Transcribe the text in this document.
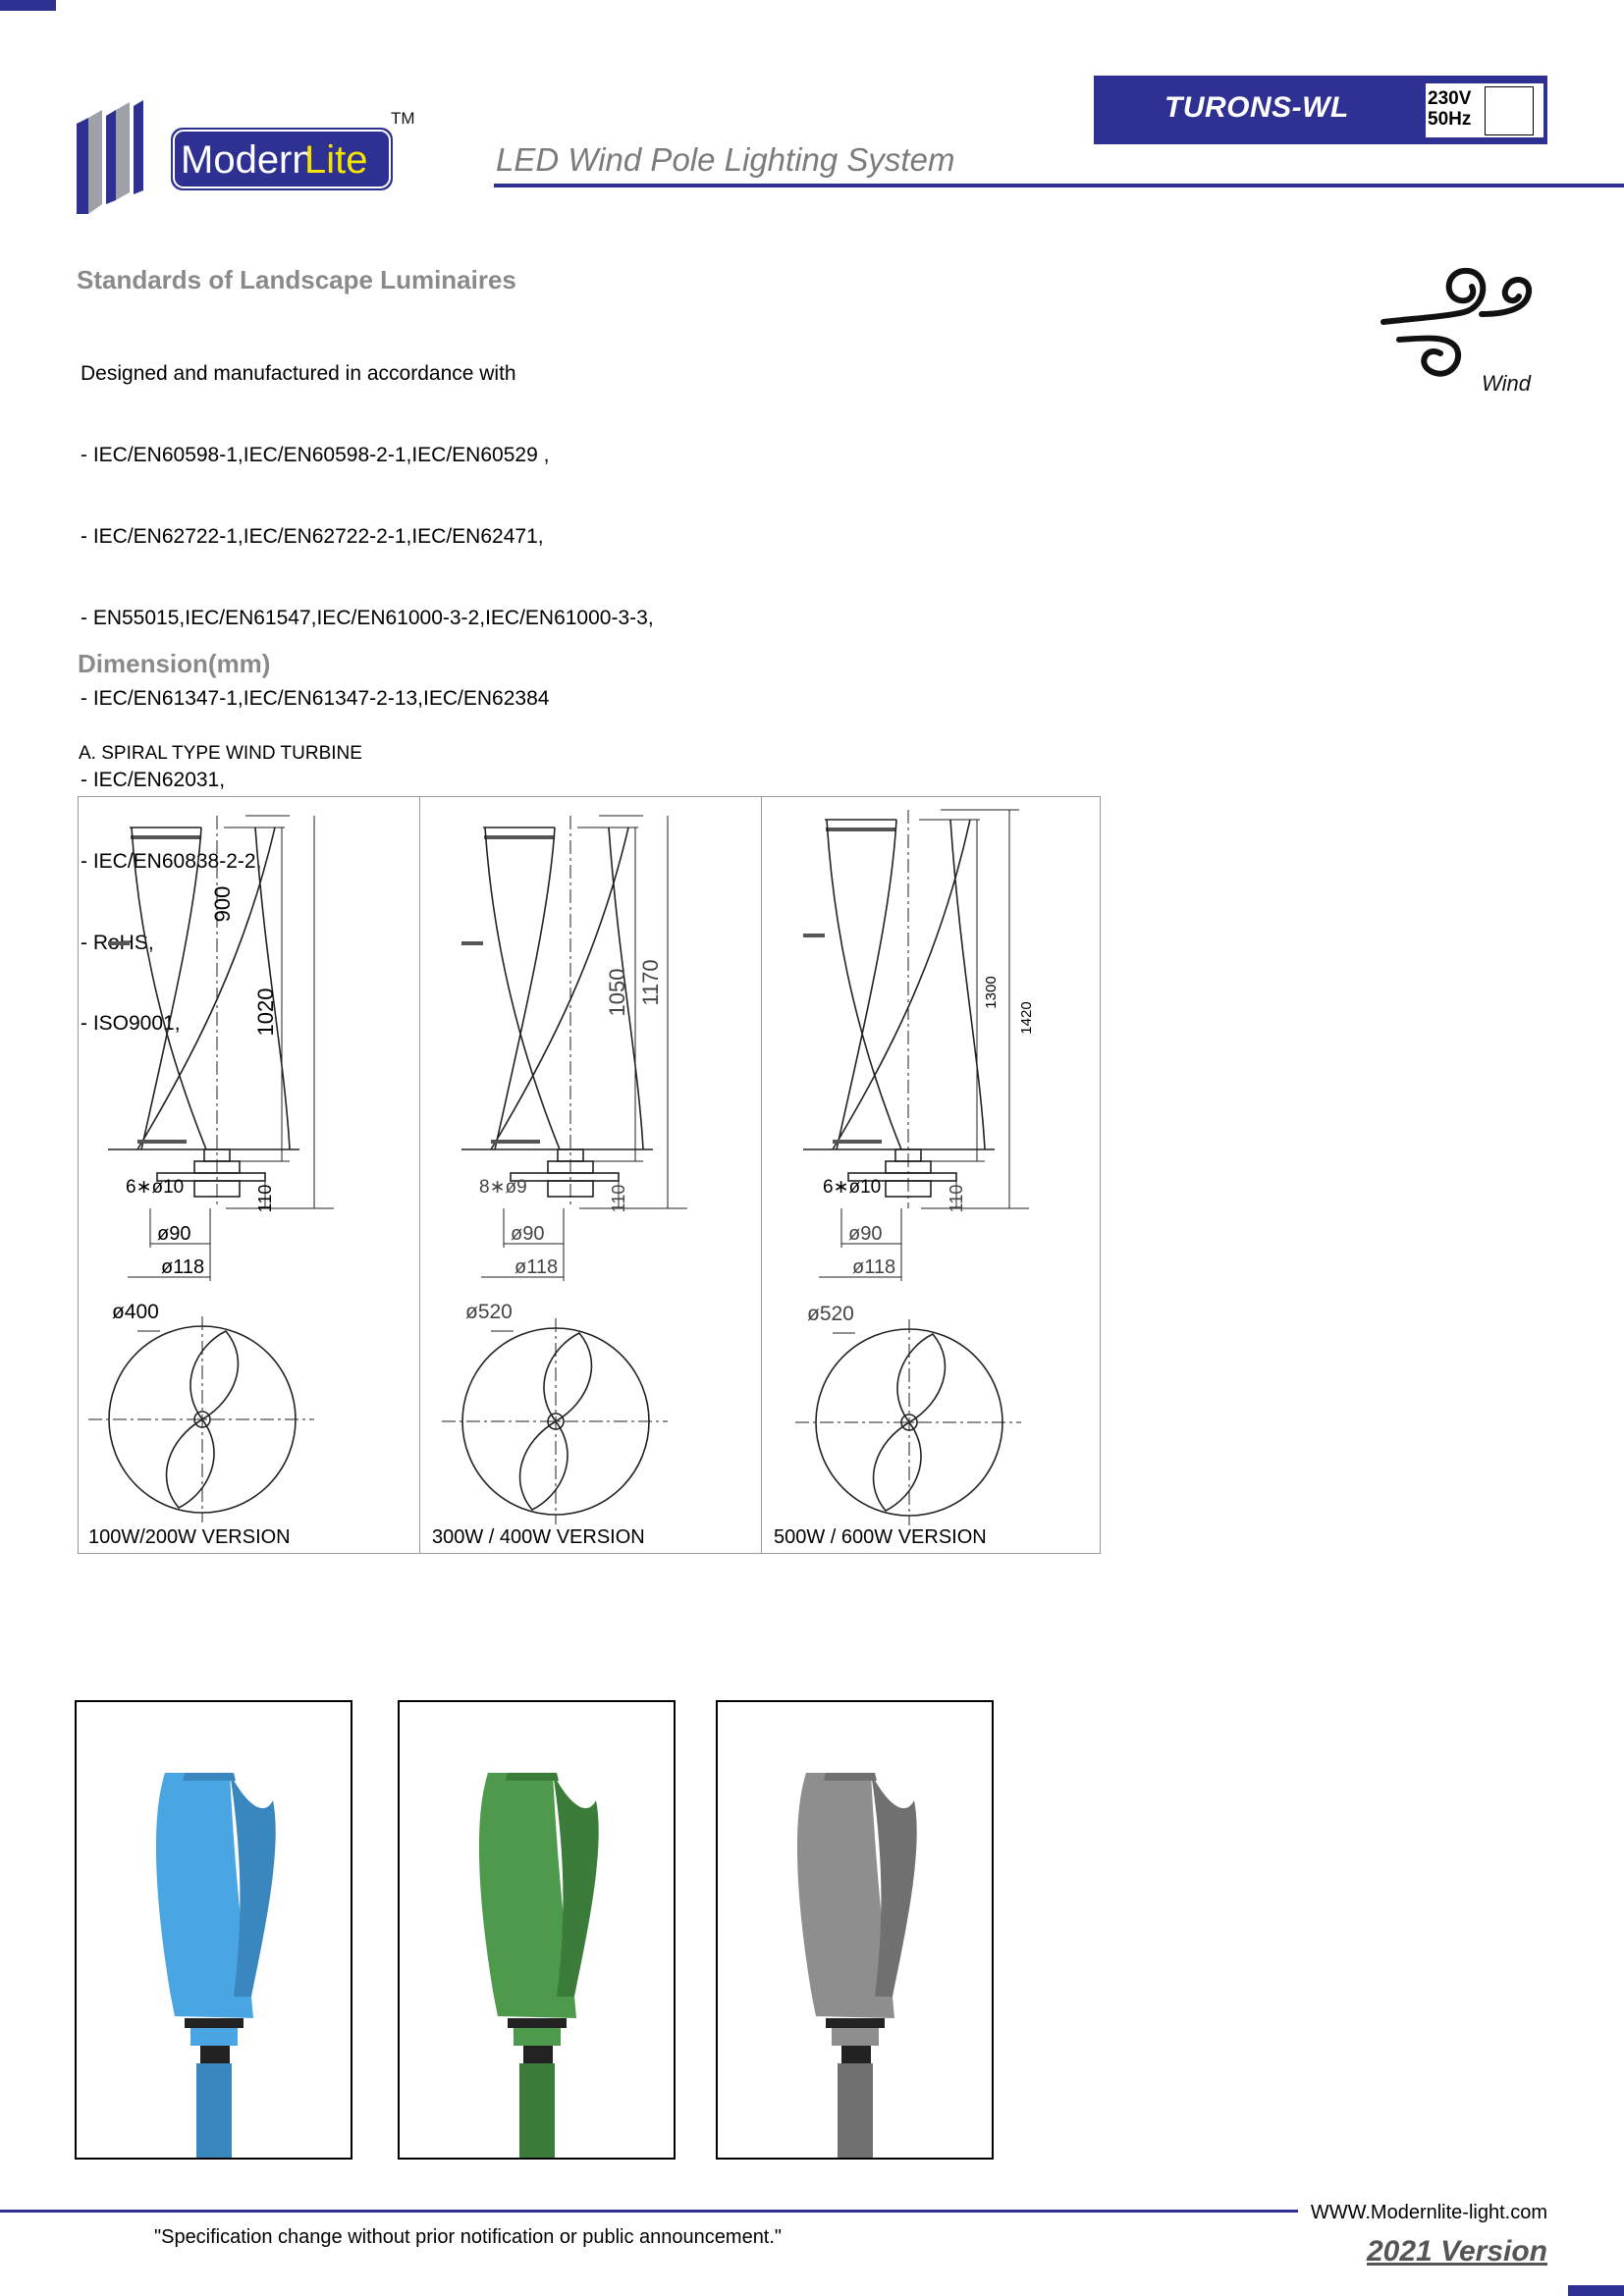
Modern
Lite
TM	TURONS-WL	230V
50Hz
LED Wind Pole Lighting System
Standards of Landscape Luminaires

Designed and manufactured in accordance with

- IEC/EN60598-1,IEC/EN60598-2-1,IEC/EN60529 ,

- IEC/EN62722-1,IEC/EN62722-2-1,IEC/EN62471,

- EN55015,IEC/EN61547,IEC/EN61000-3-2,IEC/EN61000-3-3,

- IEC/EN61347-1,IEC/EN61347-2-13,IEC/EN62384

- IEC/EN62031,

- IEC/EN60838-2-2,

- RoHS,

- ISO9001,

Wind
Dimension(mm)
A. SPIRAL TYPE WIND TURBINE
900
1020
110
6∗ø10
ø90
ø118
ø400
1050 1170
110
8∗ø9
ø90
ø118
ø520
1300
1420
110
6∗ø10
ø90
ø118
ø520
100W/200W VERSION	300W / 400W VERSION	500W / 600W VERSION
WWW.Modernlite-light.com
"Specification change without prior notification or public announcement."	2021 Version
